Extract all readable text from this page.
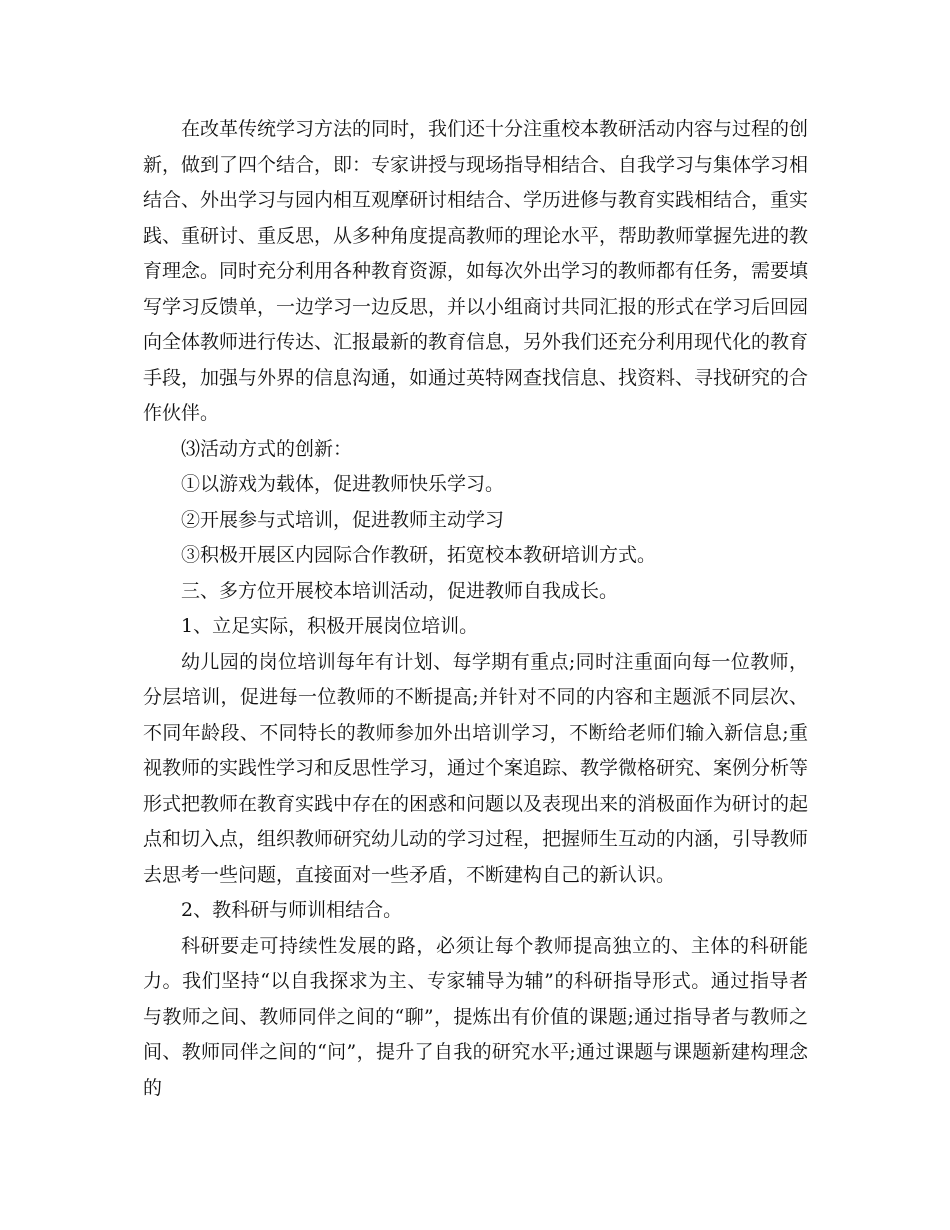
在改革传统学习方法的同时，我们还十分注重校本教研活动内容与过程的创新，做到了四个结合，即：专家讲授与现场指导相结合、自我学习与集体学习相结合、外出学习与园内相互观摩研讨相结合、学历进修与教育实践相结合，重实践、重研讨、重反思，从多种角度提高教师的理论水平，帮助教师掌握先进的教育理念。同时充分利用各种教育资源，如每次外出学习的教师都有任务，需要填写学习反馈单，一边学习一边反思，并以小组商讨共同汇报的形式在学习后回园向全体教师进行传达、汇报最新的教育信息，另外我们还充分利用现代化的教育手段，加强与外界的信息沟通，如通过英特网查找信息、找资料、寻找研究的合作伙伴。

⑶活动方式的创新：

①以游戏为载体，促进教师快乐学习。

②开展参与式培训，促进教师主动学习

③积极开展区内园际合作教研，拓宽校本教研培训方式。

三、多方位开展校本培训活动，促进教师自我成长。

1、立足实际，积极开展岗位培训。

幼儿园的岗位培训每年有计划、每学期有重点;同时注重面向每一位教师，分层培训，促进每一位教师的不断提高;并针对不同的内容和主题派不同层次、不同年龄段、不同特长的教师参加外出培训学习，不断给老师们输入新信息;重视教师的实践性学习和反思性学习，通过个案追踪、教学微格研究、案例分析等形式把教师在教育实践中存在的困惑和问题以及表现出来的消极面作为研讨的起点和切入点，组织教师研究幼儿动的学习过程，把握师生互动的内涵，引导教师去思考一些问题，直接面对一些矛盾，不断建构自己的新认识。

2、教科研与师训相结合。

科研要走可持续性发展的路，必须让每个教师提高独立的、主体的科研能力。我们坚持“以自我探求为主、专家辅导为辅”的科研指导形式。通过指导者与教师之间、教师同伴之间的“聊”，提炼出有价值的课题;通过指导者与教师之间、教师同伴之间的“问”，提升了自我的研究水平;通过课题与课题新建构理念的
